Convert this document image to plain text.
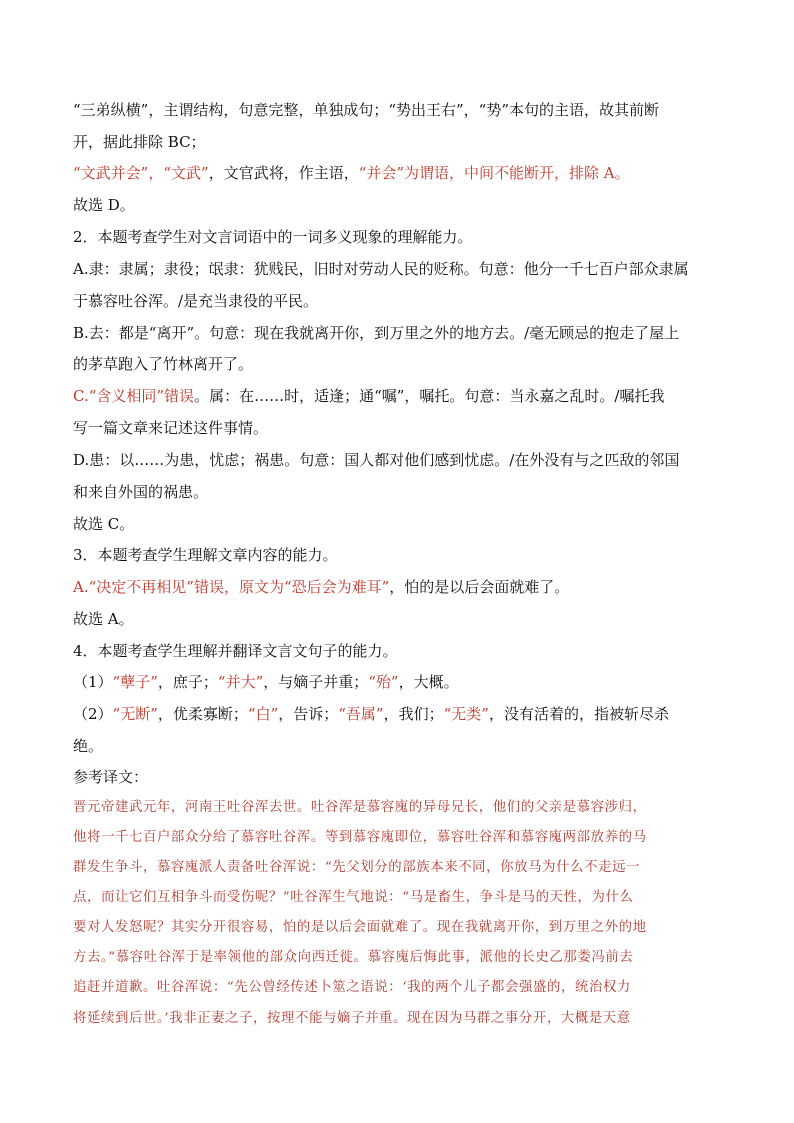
“三弟纵横”，主谓结构，句意完整，单独成句；“势出王右”，“势”本句的主语，故其前断
开，据此排除 BC；
“文武并会”，“文武”，文官武将，作主语，“并会”为谓语，中间不能断开，排除 A。
故选 D。
2．本题考查学生对文言词语中的一词多义现象的理解能力。
A.隶：隶属；隶役；氓隶：犹贱民，旧时对劳动人民的贬称。句意：他分一千七百户部众隶属
于慕容吐谷浑。/是充当隶役的平民。
B.去：都是“离开”。句意：现在我就离开你，到万里之外的地方去。/毫无顾忌的抱走了屋上
的茅草跑入了竹林离开了。
C.“含义相同”错误。属：在……时，适逢；通“嘱”，嘱托。句意：当永嘉之乱时。/嘱托我
写一篇文章来记述这件事情。
D.患：以……为患，忧虑；祸患。句意：国人都对他们感到忧虑。/在外没有与之匹敌的邻国
和来自外国的祸患。
故选 C。
3．本题考查学生理解文章内容的能力。
A.“决定不再相见”错误，原文为“恐后会为难耳”，怕的是以后会面就难了。
故选 A。
4．本题考查学生理解并翻译文言文句子的能力。
（1）“孽子”，庶子；“并大”，与嫡子并重；“殆”，大概。
（2）“无断”，优柔寡断；“白”，告诉；“吾属”，我们；“无类”，没有活着的，指被斩尽杀
绝。
参考译文：
晋元帝建武元年，河南王吐谷浑去世。吐谷浑是慕容廆的异母兄长，他们的父亲是慕容涉归，
他将一千七百户部众分给了慕容吐谷浑。等到慕容廆即位，慕容吐谷浑和慕容廆两部放养的马
群发生争斗，慕容廆派人责备吐谷浑说：“先父划分的部族本来不同，你放马为什么不走远一
点，而让它们互相争斗而受伤呢？”吐谷浑生气地说：“马是畜生，争斗是马的天性，为什么
要对人发怒呢？其实分开很容易，怕的是以后会面就难了。现在我就离开你，到万里之外的地
方去。”慕容吐谷浑于是率领他的部众向西迁徙。慕容廆后悔此事，派他的长史乙那娄冯前去
追赶并道歉。吐谷浑说：“先公曾经传述卜筮之语说：‘我的两个儿子都会强盛的，统治权力
将延续到后世。’我非正妻之子，按理不能与嫡子并重。现在因为马群之事分开，大概是天意
